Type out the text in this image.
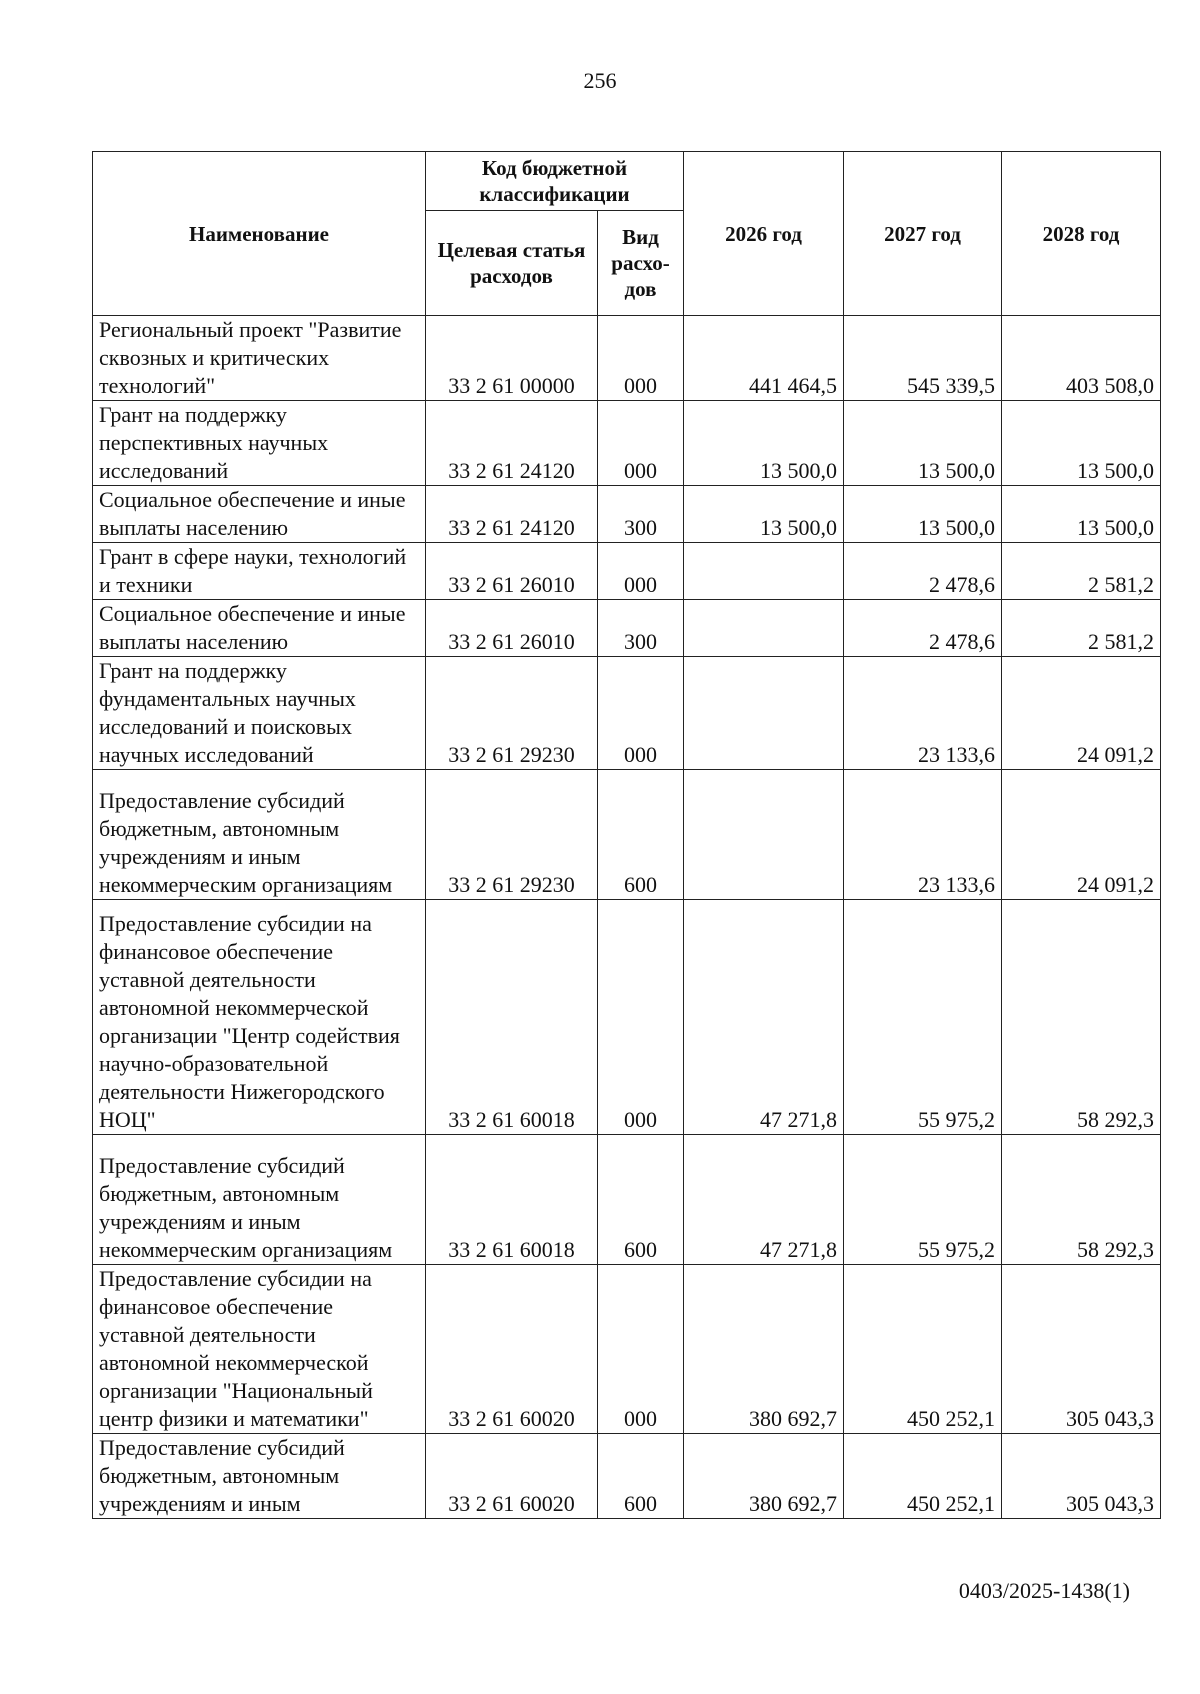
256
Наименование	Код бюджетной классификации		2026 год	2027 год	2028 год
	Целевая статья расходов	Вид расхо-дов			
Региональный проект "Развитие сквозных и критических технологий"	33 2 61 00000	000	441 464,5	545 339,5	403 508,0
Грант на поддержку перспективных научных исследований	33 2 61 24120	000	13 500,0	13 500,0	13 500,0
Социальное обеспечение и иные выплаты населению	33 2 61 24120	300	13 500,0	13 500,0	13 500,0
Грант в сфере науки, технологий и техники	33 2 61 26010	000		2 478,6	2 581,2
Социальное обеспечение и иные выплаты населению	33 2 61 26010	300		2 478,6	2 581,2
Грант на поддержку фундаментальных научных исследований и поисковых научных исследований	33 2 61 29230	000		23 133,6	24 091,2
Предоставление субсидий бюджетным, автономным учреждениям и иным некоммерческим организациям	33 2 61 29230	600		23 133,6	24 091,2
Предоставление субсидии на финансовое обеспечение уставной деятельности автономной некоммерческой организации "Центр содействия научно-образовательной деятельности Нижегородского НОЦ"	33 2 61 60018	000	47 271,8	55 975,2	58 292,3
Предоставление субсидий бюджетным, автономным учреждениям и иным некоммерческим организациям	33 2 61 60018	600	47 271,8	55 975,2	58 292,3
Предоставление субсидии на финансовое обеспечение уставной деятельности автономной некоммерческой организации "Национальный центр физики и математики"	33 2 61 60020	000	380 692,7	450 252,1	305 043,3
Предоставление субсидий бюджетным, автономным учреждениям и иным	33 2 61 60020	600	380 692,7	450 252,1	305 043,3
0403/2025-1438(1)
